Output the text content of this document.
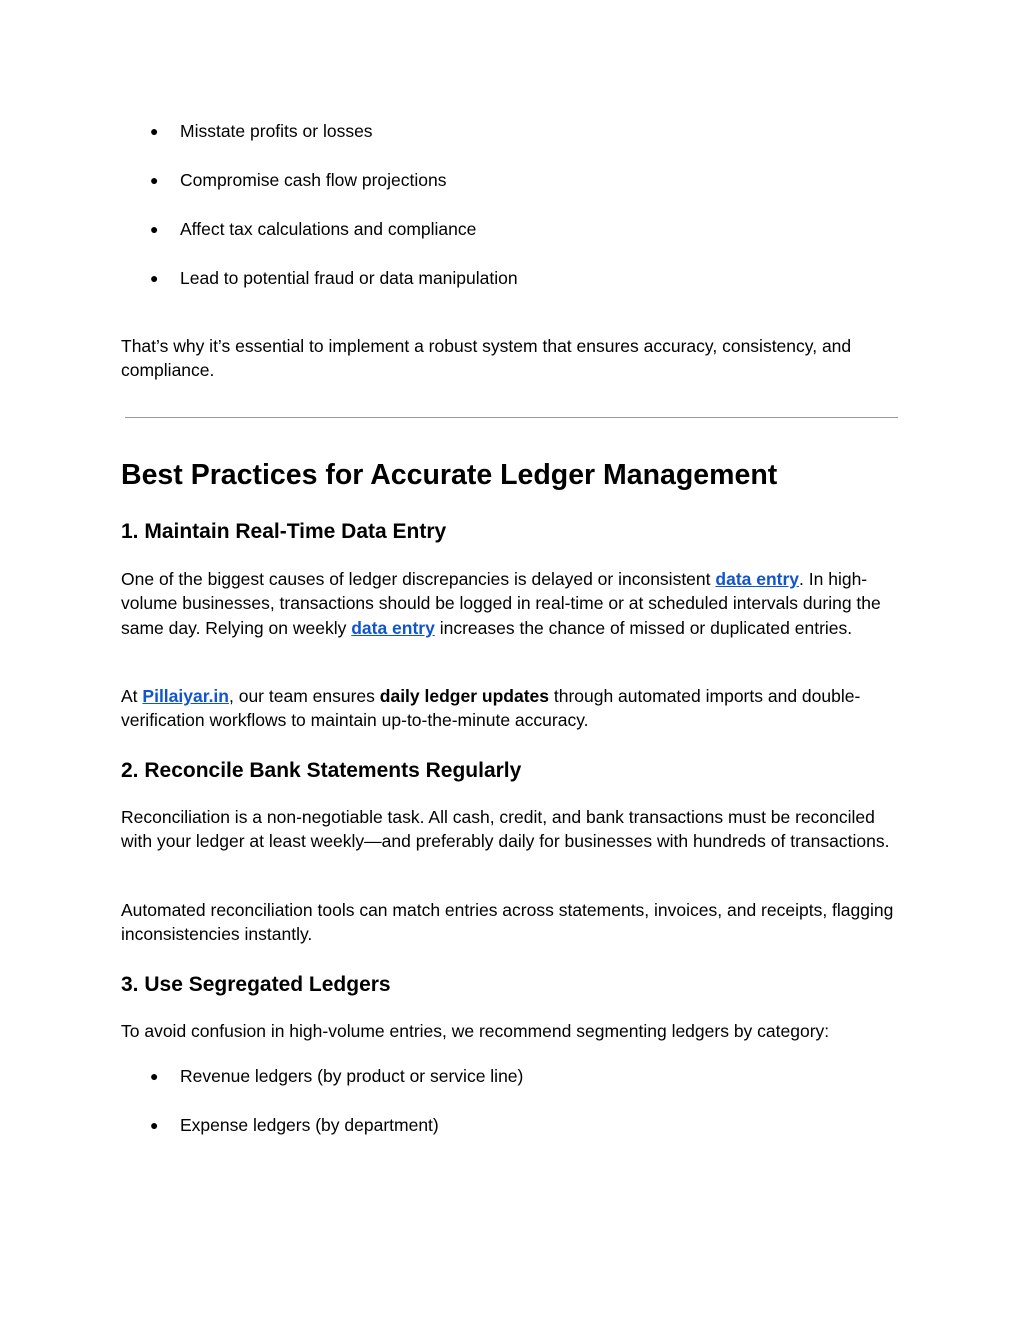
● Misstate profits or losses
● Compromise cash flow projections
● Affect tax calculations and compliance
● Lead to potential fraud or data manipulation

That’s why it’s essential to implement a robust system that ensures accuracy, consistency, and compliance.

Best Practices for Accurate Ledger Management
1. Maintain Real-Time Data Entry

One of the biggest causes of ledger discrepancies is delayed or inconsistent data entry. In high-volume businesses, transactions should be logged in real-time or at scheduled intervals during the same day. Relying on weekly data entry increases the chance of missed or duplicated entries.

At Pillaiyar.in, our team ensures daily ledger updates through automated imports and double-verification workflows to maintain up-to-the-minute accuracy.

2. Reconcile Bank Statements Regularly

Reconciliation is a non-negotiable task. All cash, credit, and bank transactions must be reconciled with your ledger at least weekly—and preferably daily for businesses with hundreds of transactions.

Automated reconciliation tools can match entries across statements, invoices, and receipts, flagging inconsistencies instantly.

3. Use Segregated Ledgers

To avoid confusion in high-volume entries, we recommend segmenting ledgers by category:

● Revenue ledgers (by product or service line)
● Expense ledgers (by department)
